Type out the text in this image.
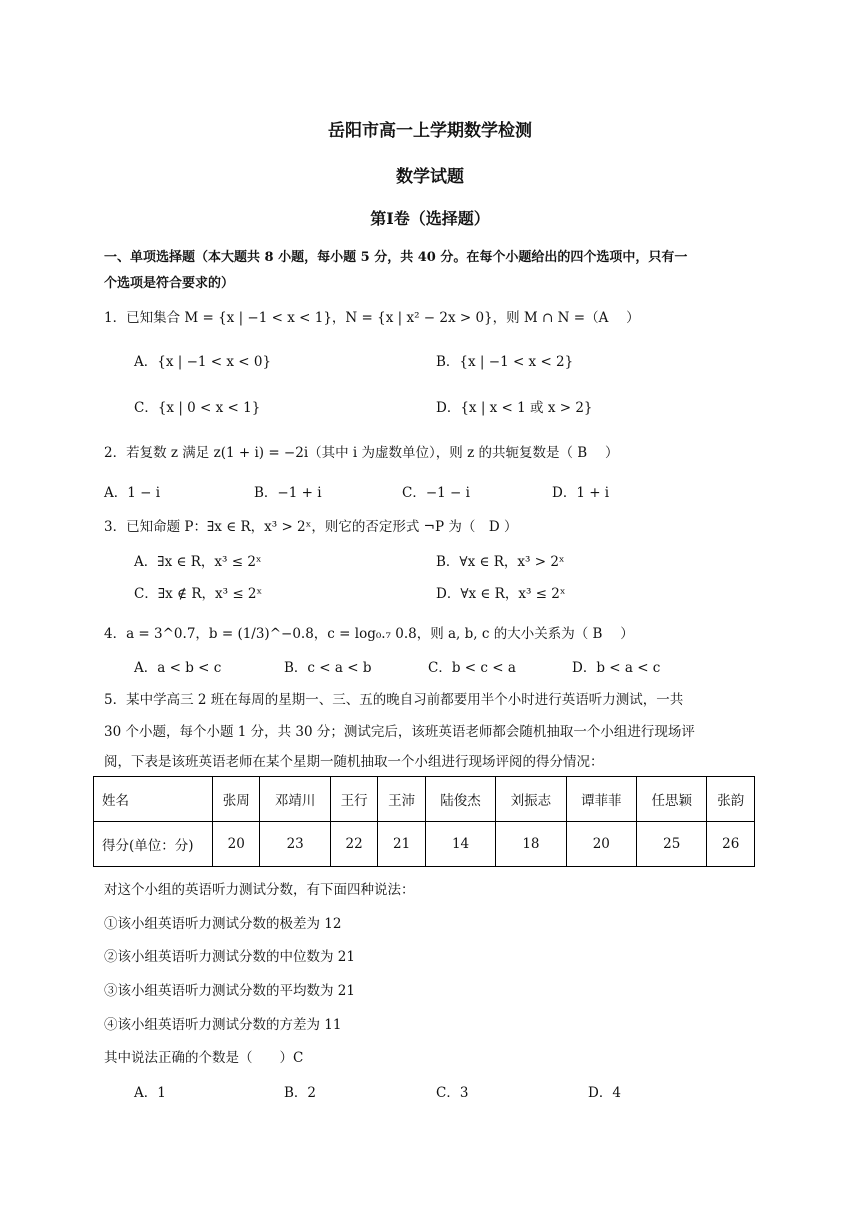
岳阳市高一上学期数学检测
数学试题
第Ⅰ卷（选择题）
一、单项选择题（本大题共 8 小题，每小题 5 分，共 40 分。在每个小题给出的四个选项中，只有一
个选项是符合要求的）
1．已知集合 M = {x | −1 < x < 1}，N = {x | x² − 2x > 0}，则 M ∩ N =（A　 ）
A．{x | −1 < x < 0}	B．{x | −1 < x < 2}
C．{x | 0 < x < 1}	D．{x | x < 1 或 x > 2}
2．若复数 z 满足 z(1 + i) = −2i（其中 i 为虚数单位），则 z 的共轭复数是（ B　 ）
A．1 − i	B．−1 + i	C．−1 − i	D．1 + i
3．已知命题 P：∃x ∈ R，x³ > 2ˣ，则它的否定形式 ¬P 为（　D ）
A．∃x ∈ R，x³ ≤ 2ˣ	B．∀x ∈ R，x³ > 2ˣ
C．∃x ∉ R，x³ ≤ 2ˣ	D．∀x ∈ R，x³ ≤ 2ˣ
4．a = 3^0.7，b = (1/3)^−0.8，c = log₀.₇ 0.8，则 a, b, c 的大小关系为（ B　 ）
A．a < b < c	B．c < a < b	C．b < c < a	D．b < a < c
5．某中学高三 2 班在每周的星期一、三、五的晚自习前都要用半个小时进行英语听力测试，一共
30 个小题，每个小题 1 分，共 30 分；测试完后，该班英语老师都会随机抽取一个小组进行现场评
阅，下表是该班英语老师在某个星期一随机抽取一个小组进行现场评阅的得分情况：
姓名	张周	邓靖川	王行	王沛	陆俊杰	刘振志	谭菲菲	任思颖	张韵
得分(单位：分)	20	23	22	21	14	18	20	25	26
对这个小组的英语听力测试分数，有下面四种说法：
①该小组英语听力测试分数的极差为 12
②该小组英语听力测试分数的中位数为 21
③该小组英语听力测试分数的平均数为 21
④该小组英语听力测试分数的方差为 11
其中说法正确的个数是（　　）C
A．1	B．2	C．3	D．4
